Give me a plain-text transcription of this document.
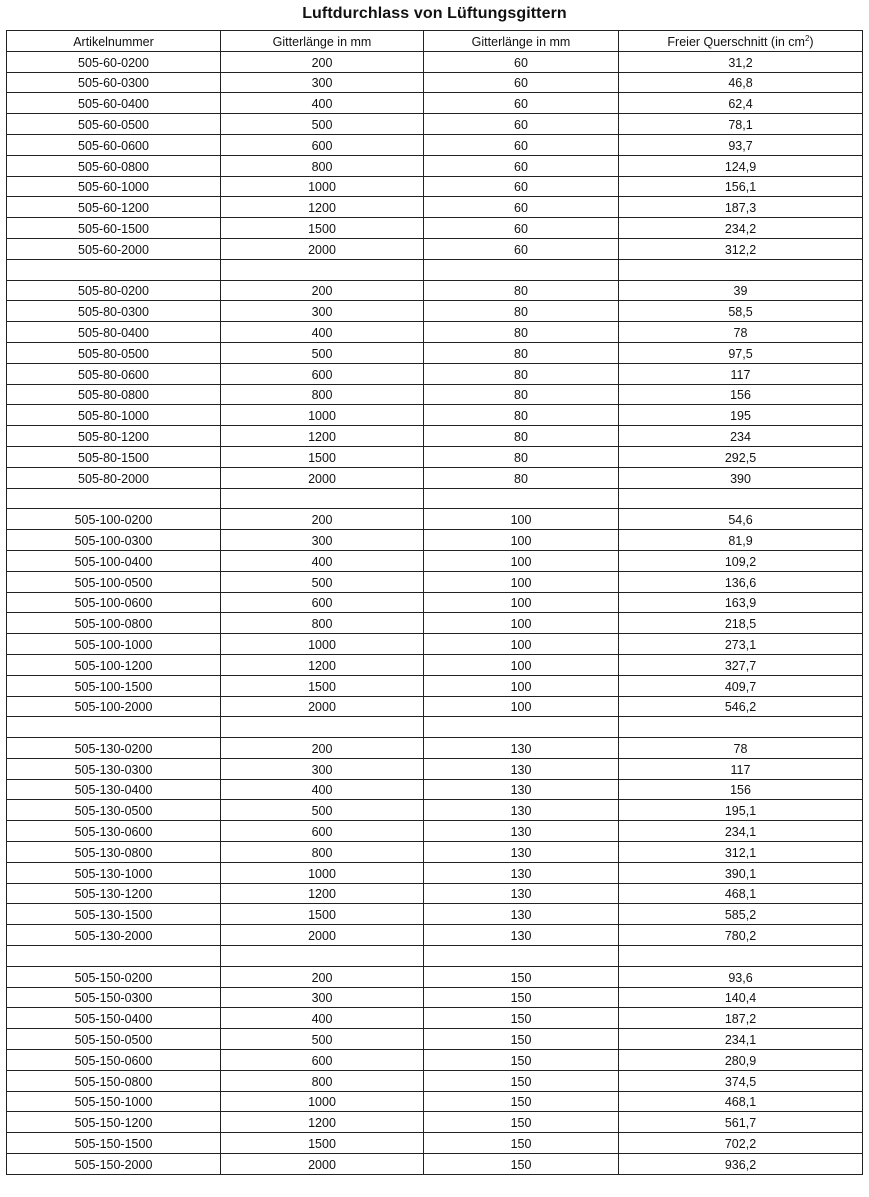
Luftdurchlass von Lüftungsgittern
Artikelnummer	Gitterlänge in mm	Gitterlänge in mm	Freier Querschnitt (in $cm^2$)
505-60-0200	200	60	31,2
505-60-0300	300	60	46,8
505-60-0400	400	60	62,4
505-60-0500	500	60	78,1
505-60-0600	600	60	93,7
505-60-0800	800	60	124,9
505-60-1000	1000	60	156,1
505-60-1200	1200	60	187,3
505-60-1500	1500	60	234,2
505-60-2000	2000	60	312,2

505-80-0200	200	80	39
505-80-0300	300	80	58,5
505-80-0400	400	80	78
505-80-0500	500	80	97,5
505-80-0600	600	80	117
505-80-0800	800	80	156
505-80-1000	1000	80	195
505-80-1200	1200	80	234
505-80-1500	1500	80	292,5
505-80-2000	2000	80	390

505-100-0200	200	100	54,6
505-100-0300	300	100	81,9
505-100-0400	400	100	109,2
505-100-0500	500	100	136,6
505-100-0600	600	100	163,9
505-100-0800	800	100	218,5
505-100-1000	1000	100	273,1
505-100-1200	1200	100	327,7
505-100-1500	1500	100	409,7
505-100-2000	2000	100	546,2

505-130-0200	200	130	78
505-130-0300	300	130	117
505-130-0400	400	130	156
505-130-0500	500	130	195,1
505-130-0600	600	130	234,1
505-130-0800	800	130	312,1
505-130-1000	1000	130	390,1
505-130-1200	1200	130	468,1
505-130-1500	1500	130	585,2
505-130-2000	2000	130	780,2

505-150-0200	200	150	93,6
505-150-0300	300	150	140,4
505-150-0400	400	150	187,2
505-150-0500	500	150	234,1
505-150-0600	600	150	280,9
505-150-0800	800	150	374,5
505-150-1000	1000	150	468,1
505-150-1200	1200	150	561,7
505-150-1500	1500	150	702,2
505-150-2000	2000	150	936,2
